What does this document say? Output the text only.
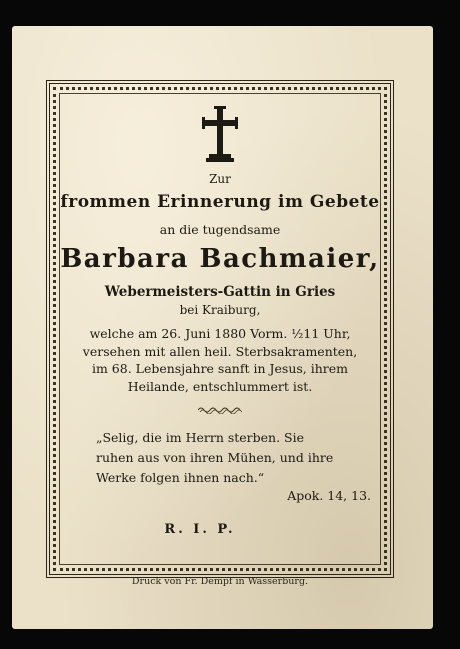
Zur
frommen Erinnerung im Gebete
an die tugendsame
Barbara Bachmaier,
Webermeisters-Gattin in Gries
bei Kraiburg,
welche am 26. Juni 1880 Vorm. ½11 Uhr,
versehen mit allen heil. Sterbsakramenten,
im 68. Lebensjahre sanft in Jesus, ihrem
Heilande, entschlummert ist.
„Selig, die im Herrn sterben. Sie
ruhen aus von ihren Mühen, und ihre
Werke folgen ihnen nach.“
Apok. 14, 13.
R. I. P.
Druck von Fr. Dempf in Wasserburg.
